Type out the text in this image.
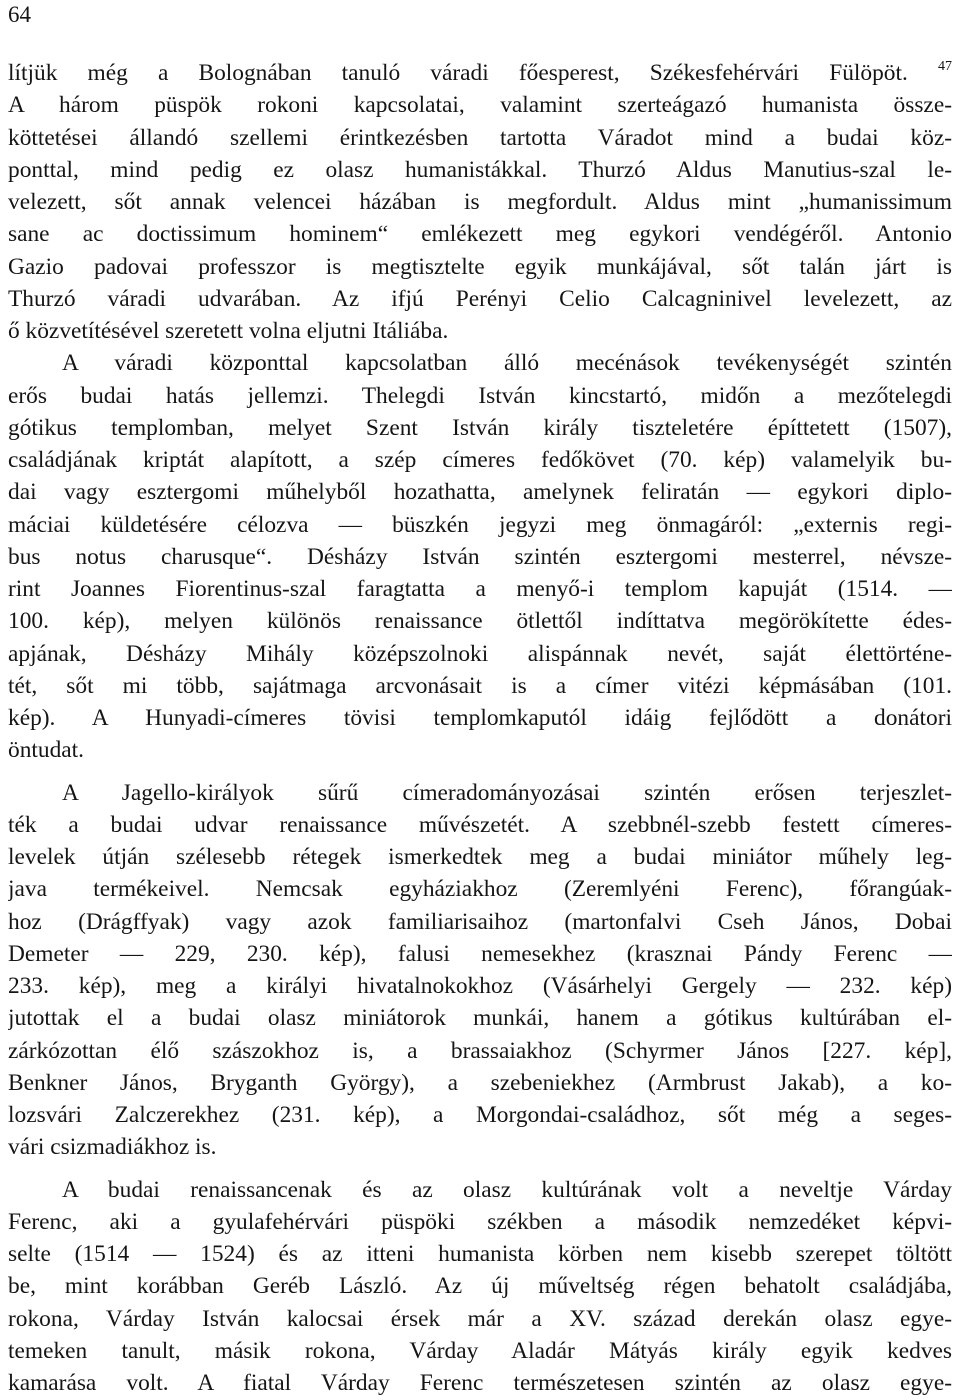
64
lítjük még a Bolognában tanuló váradi főesperest, Székesfehérvári Fülöpöt. $^{47}$
A három püspök rokoni kapcsolatai, valamint szerteágazó humanista össze-
köttetései állandó szellemi érintkezésben tartotta Váradot mind a budai köz-
ponttal, mind pedig ez olasz humanistákkal. Thurzó Aldus Manutius-szal le-
velezett, sőt annak velencei házában is megfordult. Aldus mint „humanissimum
sane ac doctissimum hominem“ emlékezett meg egykori vendégéről. Antonio
Gazio padovai professzor is megtisztelte egyik munkájával, sőt talán járt is
Thurzó váradi udvarában. Az ifjú Perényi Celio Calcagninivel levelezett, az
ő közvetítésével szeretett volna eljutni Itáliába.
A váradi központtal kapcsolatban álló mecénások tevékenységét szintén
erős budai hatás jellemzi. Thelegdi István kincstartó, midőn a mezőtelegdi
gótikus templomban, melyet Szent István király tiszteletére építtetett (1507),
családjának kriptát alapított, a szép címeres fedőkövet (70. kép) valamelyik bu-
dai vagy esztergomi műhelyből hozathatta, amelynek feliratán — egykori diplo-
máciai küldetésére célozva — büszkén jegyzi meg önmagáról: „externis regi-
bus notus charusque“. Désházy István szintén esztergomi mesterrel, névsze-
rint Joannes Fiorentinus-szal faragtatta a menyő-i templom kapuját (1514. —
100. kép), melyen különös renaissance ötlettől indíttatva megörökítette édes-
apjának, Désházy Mihály középszolnoki alispánnak nevét, saját élettörténe-
tét, sőt mi több, sajátmaga arcvonásait is a címer vitézi képmásában (101.
kép). A Hunyadi-címeres tövisi templomkaputól idáig fejlődött a donátori
öntudat.
A Jagello-királyok sűrű címeradományozásai szintén erősen terjeszlet-
ték a budai udvar renaissance művészetét. A szebbnél-szebb festett címeres-
levelek útján szélesebb rétegek ismerkedtek meg a budai miniátor műhely leg-
java termékeivel. Nemcsak egyháziakhoz (Zeremlyéni Ferenc), főrangúak-
hoz (Drágffyak) vagy azok familiarisaihoz (martonfalvi Cseh János, Dobai
Demeter — 229, 230. kép), falusi nemesekhez (krasznai Pándy Ferenc —
233. kép), meg a királyi hivatalnokokhoz (Vásárhelyi Gergely — 232. kép)
jutottak el a budai olasz miniátorok munkái, hanem a gótikus kultúrában el-
zárkózottan élő szászokhoz is, a brassaiakhoz (Schyrmer János [227. kép],
Benkner János, Bryganth György), a szebeniekhez (Armbrust Jakab), a ko-
lozsvári Zalczerekhez (231. kép), a Morgondai-családhoz, sőt még a seges-
vári csizmadiákhoz is.
A budai renaissancenak és az olasz kultúrának volt a neveltje Várday
Ferenc, aki a gyulafehérvári püspöki székben a második nemzedéket képvi-
selte (1514 — 1524) és az itteni humanista körben nem kisebb szerepet töltött
be, mint korábban Geréb László. Az új műveltség régen behatolt családjába,
rokona, Várday István kalocsai érsek már a XV. század derekán olasz egye-
temeken tanult, másik rokona, Várday Aladár Mátyás király egyik kedves
kamarása volt. A fiatal Várday Ferenc természetesen szintén az olasz egye-
